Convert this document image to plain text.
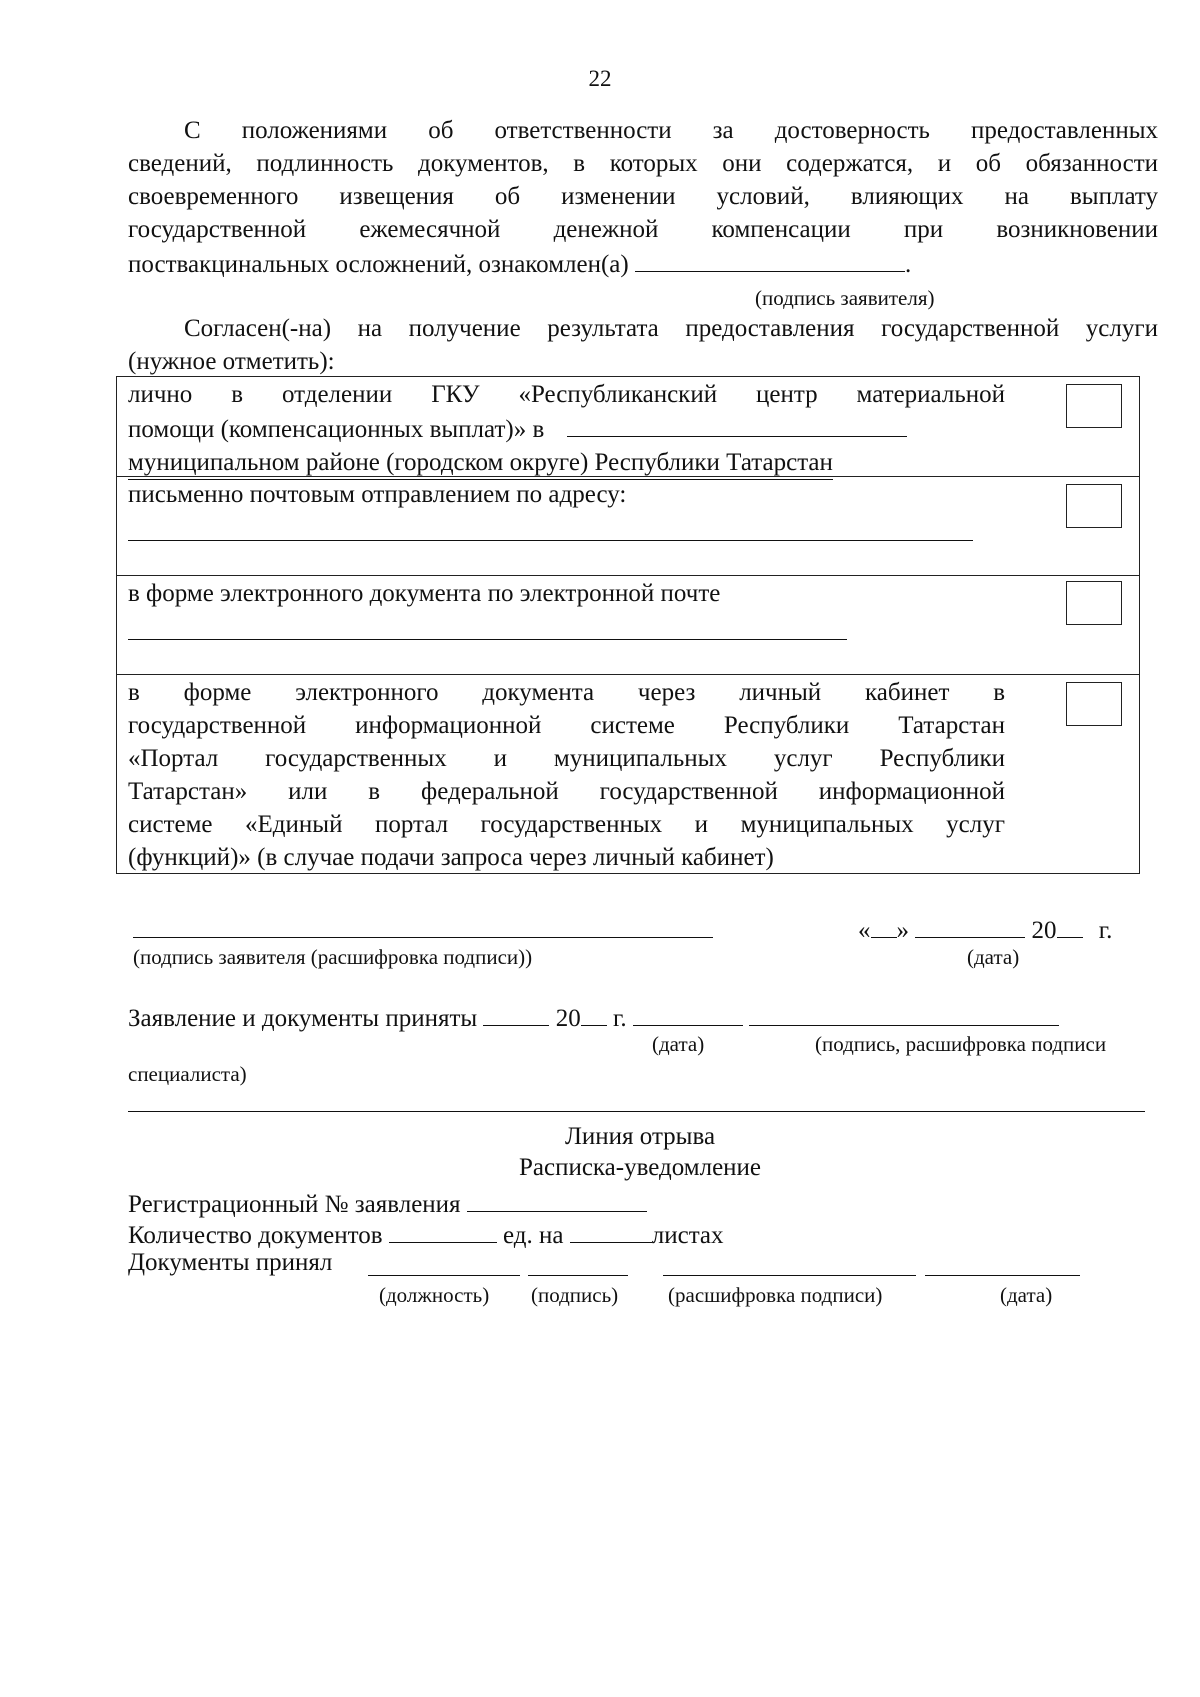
22
С положениями об ответственности за достоверность предоставленных
сведений, подлинность документов, в которых они содержатся, и об обязанности
своевременного извещения об изменении условий, влияющих на выплату
государственной ежемесячной денежной компенсации при возникновении
поствакцинальных осложнений, ознакомлен(а)	.
(подпись заявителя)
Согласен(-на) на получение результата предоставления государственной услуги
(нужное отметить):
лично в отделении ГКУ «Республиканский центр материальной
помощи (компенсационных выплат)» в
муниципальном районе (городском округе) Республики Татарстан
письменно почтовым отправлением по адресу:
в форме электронного документа по электронной почте
в форме электронного документа через личный кабинет в
государственной информационной системе Республики Татарстан
«Портал государственных и муниципальных услуг Республики
Татарстан» или в федеральной государственной информационной
системе «Единый портал государственных и муниципальных услуг
(функций)» (в случае подачи запроса через личный кабинет)
« »	20 г.
(подпись заявителя (расшифровка подписи))	(дата)
Заявление и документы приняты	20 г.
(дата)	(подпись, расшифровка подписи
специалиста)
Линия отрыва
Расписка-уведомление
Регистрационный № заявления
Количество документов	ед. на	листах
Документы принял
(должность) (подпись) (расшифровка подписи)	(дата)
